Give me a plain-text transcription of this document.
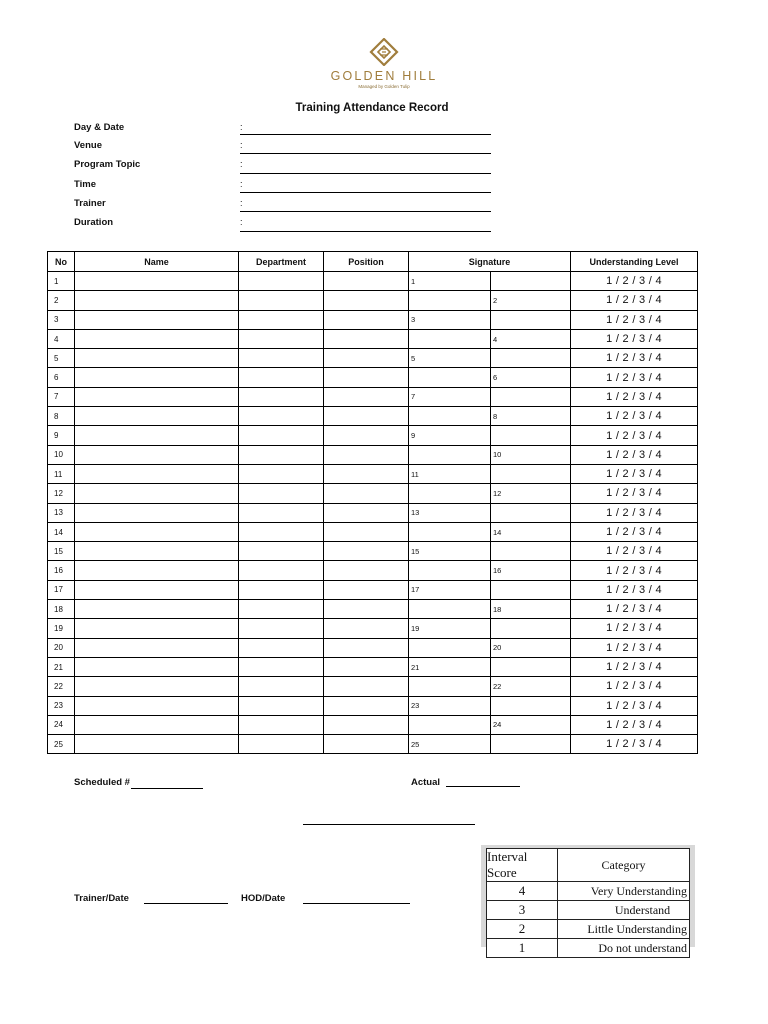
GOLDEN HILL
Managed by Golden Tulip
Training Attendance Record
Day & Date	:
Venue	:
Program Topic	:
Time	:
Trainer	:
Duration	:
No	Name	Department	Position	Signature		Understanding Level
1				1		1 / 2 / 3 / 4
2					2	1 / 2 / 3 / 4
3				3		1 / 2 / 3 / 4
4					4	1 / 2 / 3 / 4
5				5		1 / 2 / 3 / 4
6					6	1 / 2 / 3 / 4
7				7		1 / 2 / 3 / 4
8					8	1 / 2 / 3 / 4
9				9		1 / 2 / 3 / 4
10					10	1 / 2 / 3 / 4
11				11		1 / 2 / 3 / 4
12					12	1 / 2 / 3 / 4
13				13		1 / 2 / 3 / 4
14					14	1 / 2 / 3 / 4
15				15		1 / 2 / 3 / 4
16					16	1 / 2 / 3 / 4
17				17		1 / 2 / 3 / 4
18					18	1 / 2 / 3 / 4
19				19		1 / 2 / 3 / 4
20					20	1 / 2 / 3 / 4
21				21		1 / 2 / 3 / 4
22					22	1 / 2 / 3 / 4
23				23		1 / 2 / 3 / 4
24					24	1 / 2 / 3 / 4
25				25		1 / 2 / 3 / 4
Scheduled #	Actual
Trainer/Date	HOD/Date
Interval Score	Category
4	Very Understanding
3	Understand
2	Little Understanding
1	Do not understand
